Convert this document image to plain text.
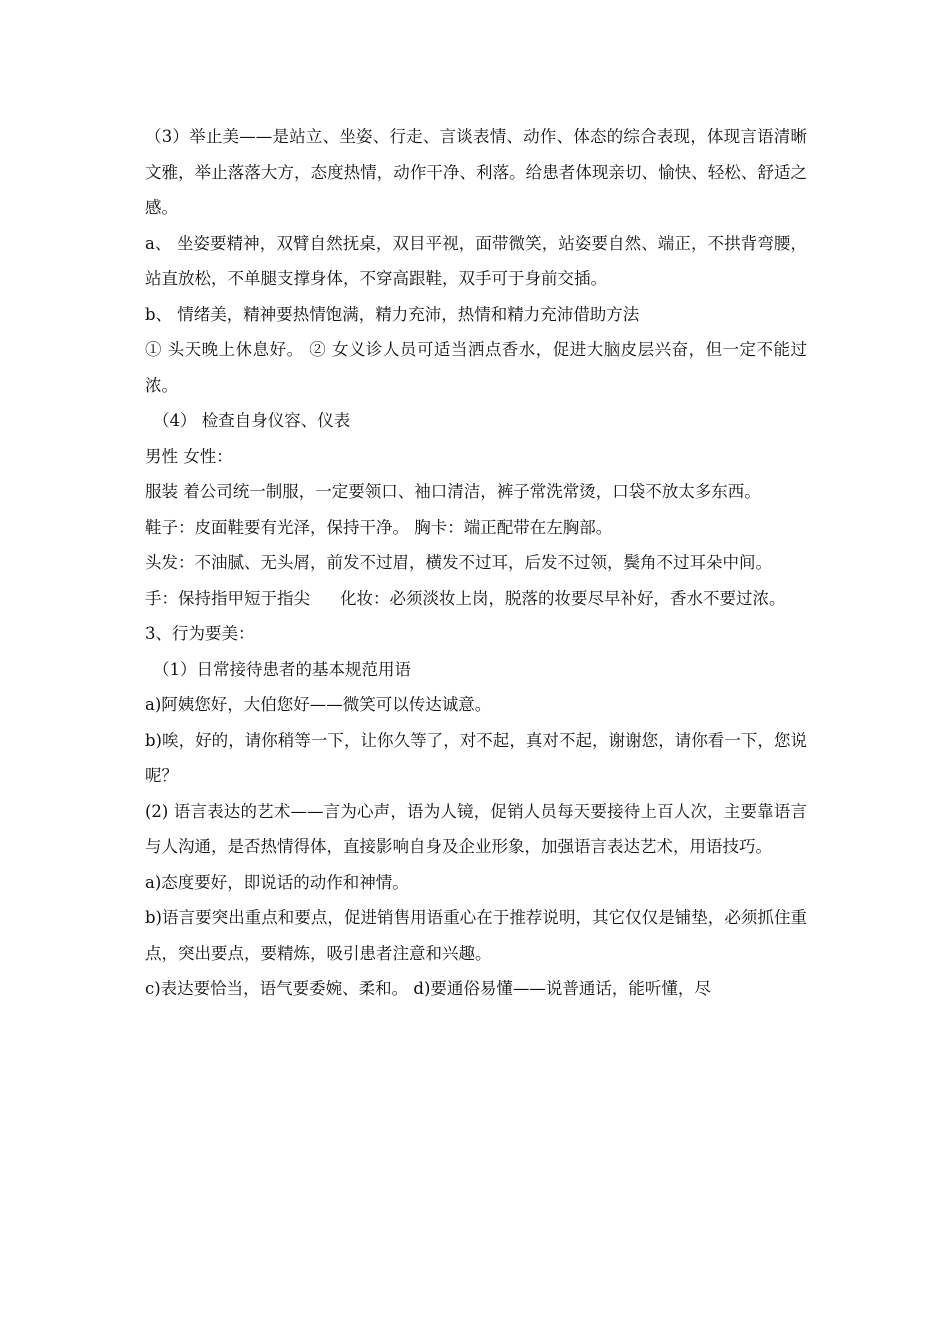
（3）举止美——是站立、坐姿、行走、言谈表情、动作、体态的综合表现，体现言语清晰文雅，举止落落大方，态度热情，动作干净、利落。给患者体现亲切、愉快、轻松、舒适之感。

a、 坐姿要精神，双臂自然抚桌，双目平视，面带微笑，站姿要自然、端正，不拱背弯腰，站直放松，不单腿支撑身体，不穿高跟鞋，双手可于身前交插。

b、 情绪美，精神要热情饱满，精力充沛，热情和精力充沛借助方法

① 头天晚上休息好。 ② 女义诊人员可适当洒点香水，促进大脑皮层兴奋，但一定不能过浓。

（4） 检查自身仪容、仪表

男性 女性：

服装 着公司统一制服，一定要领口、袖口清洁，裤子常洗常烫，口袋不放太多东西。

鞋子：皮面鞋要有光泽，保持干净。 胸卡：端正配带在左胸部。

头发：不油腻、无头屑，前发不过眉，横发不过耳，后发不过领，鬓角不过耳朵中间。

手：保持指甲短于指尖 化妆：必须淡妆上岗，脱落的妆要尽早补好，香水不要过浓。

3、行为要美：

（1）日常接待患者的基本规范用语

a)阿姨您好，大伯您好——微笑可以传达诚意。

b)唉，好的，请你稍等一下，让你久等了，对不起，真对不起，谢谢您，请你看一下，您说呢？

(2) 语言表达的艺术——言为心声，语为人镜，促销人员每天要接待上百人次，主要靠语言与人沟通，是否热情得体，直接影响自身及企业形象，加强语言表达艺术，用语技巧。

a)态度要好，即说话的动作和神情。

b)语言要突出重点和要点，促进销售用语重心在于推荐说明，其它仅仅是铺垫，必须抓住重点，突出要点，要精炼，吸引患者注意和兴趣。

c)表达要恰当，语气要委婉、柔和。 d)要通俗易懂——说普通话，能听懂，尽
